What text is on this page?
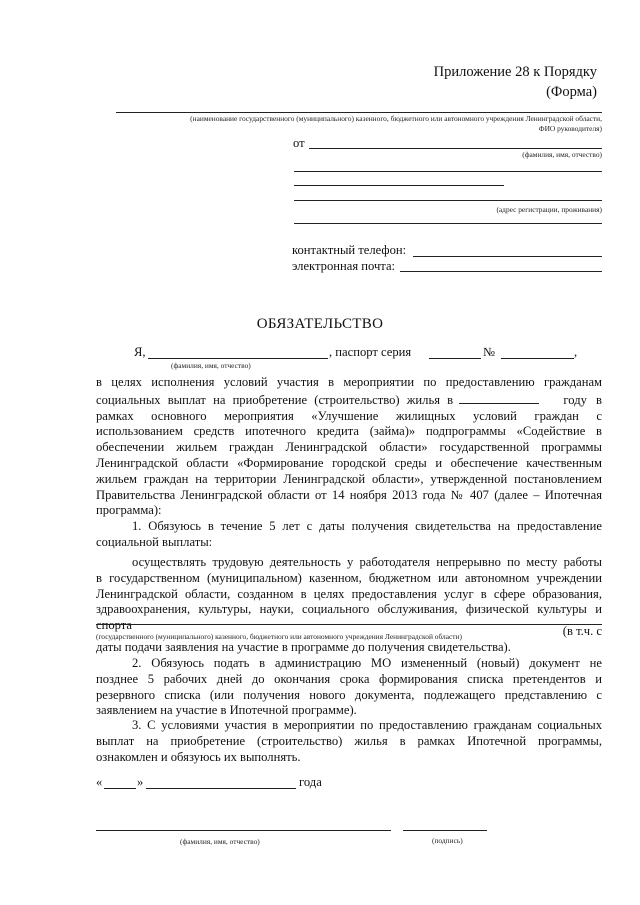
Приложение 28 к Порядку
(Форма)
(наименование государственного (муниципального) казенного, бюджетного или автономного учреждения Ленинградской области,
ФИО руководителя)
от
(фамилия, имя, отчество)
(адрес регистрации, проживания)
контактный телефон:
электронная почта:
ОБЯЗАТЕЛЬСТВО
Я,	, паспорт серия	№	,
(фамилия, имя, отчество)
в целях исполнения условий участия в мероприятии по предоставлению гражданам
социальных выплат на приобретение (строительство) жилья в	году в
рамках основного мероприятия «Улучшение жилищных условий граждан с
использованием средств ипотечного кредита (займа)» подпрограммы «Содействие в
обеспечении жильем граждан Ленинградской области» государственной программы
Ленинградской области «Формирование городской среды и обеспечение качественным
жильем граждан на территории Ленинградской области», утвержденной постановлением
Правительства Ленинградской области от 14 ноября 2013 года № 407 (далее – Ипотечная
программа):
1. Обязуюсь в течение 5 лет с даты получения свидетельства на предоставление
социальной выплаты:
осуществлять трудовую деятельность у работодателя непрерывно по месту работы
в государственном (муниципальном) казенном, бюджетном или автономном учреждении
Ленинградской области, созданном в целях предоставления услуг в сфере образования,
здравоохранения, культуры, науки, социального обслуживания, физической культуры и
спорта
(государственного (муниципального) казенного, бюджетного или автономного учреждения Ленинградской области)	(в т.ч. с
даты подачи заявления на участие в программе до получения свидетельства).
2. Обязуюсь подать в администрацию МО измененный (новый) документ не
позднее 5 рабочих дней до окончания срока формирования списка претендентов и
резервного списка (или получения нового документа, подлежащего представлению с
заявлением на участие в Ипотечной программе).
3. С условиями участия в мероприятии по предоставлению гражданам социальных
выплат на приобретение (строительство) жилья в рамках Ипотечной программы,
ознакомлен и обязуюсь их выполнять.
«	»	года
(фамилия, имя, отчество)	(подпись)
